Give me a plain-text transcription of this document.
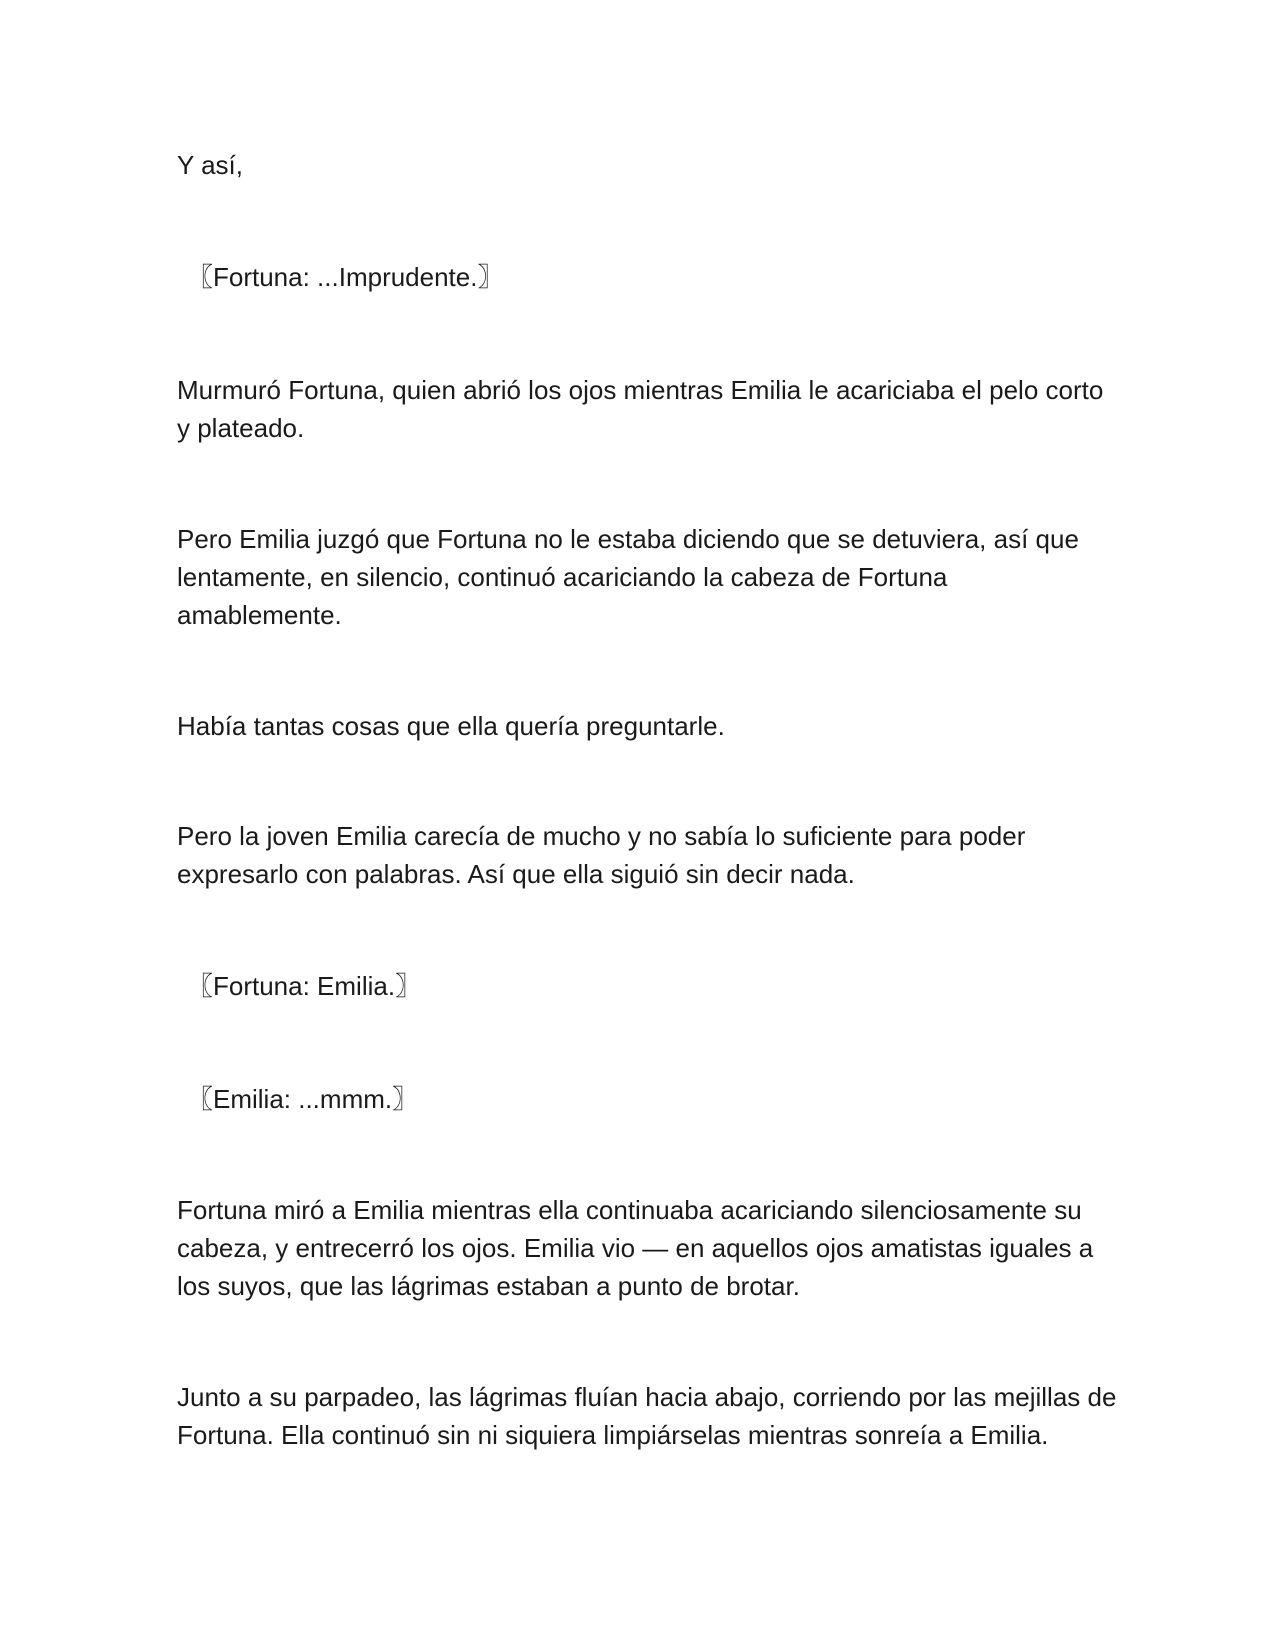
Y así,

〖Fortuna: ...Imprudente.〗

Murmuró Fortuna, quien abrió los ojos mientras Emilia le acariciaba el pelo corto y plateado.

Pero Emilia juzgó que Fortuna no le estaba diciendo que se detuviera, así que lentamente, en silencio, continuó acariciando la cabeza de Fortuna amablemente.

Había tantas cosas que ella quería preguntarle.

Pero la joven Emilia carecía de mucho y no sabía lo suficiente para poder expresarlo con palabras. Así que ella siguió sin decir nada.

〖Fortuna: Emilia.〗

〖Emilia: ...mmm.〗

Fortuna miró a Emilia mientras ella continuaba acariciando silenciosamente su cabeza, y entrecerró los ojos. Emilia vio — en aquellos ojos amatistas iguales a los suyos, que las lágrimas estaban a punto de brotar.

Junto a su parpadeo, las lágrimas fluían hacia abajo, corriendo por las mejillas de Fortuna. Ella continuó sin ni siquiera limpiárselas mientras sonreía a Emilia.
